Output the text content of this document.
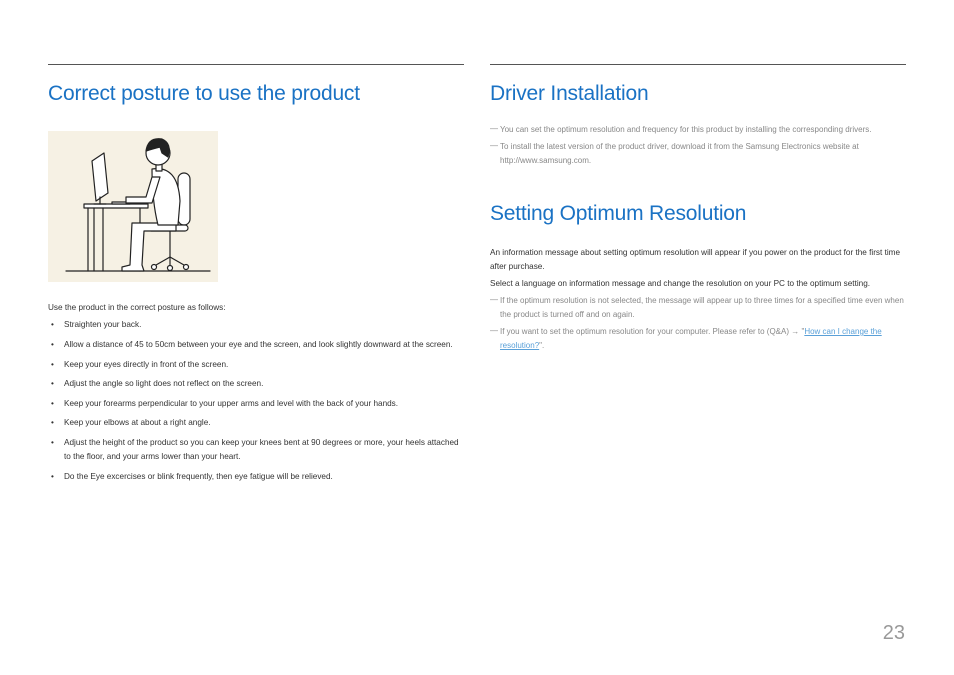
Correct posture to use the product
Use the product in the correct posture as follows:
• Straighten your back.
• Allow a distance of 45 to 50cm between your eye and the screen, and look slightly downward at the screen.
• Keep your eyes directly in front of the screen.
• Adjust the angle so light does not reflect on the screen.
• Keep your forearms perpendicular to your upper arms and level with the back of your hands.
• Keep your elbows at about a right angle.
• Adjust the height of the product so you can keep your knees bent at 90 degrees or more, your heels attached to the floor, and your arms lower than your heart.
• Do the Eye excercises or blink frequently, then eye fatigue will be relieved.
Driver Installation
― You can set the optimum resolution and frequency for this product by installing the corresponding drivers.
― To install the latest version of the product driver, download it from the Samsung Electronics website at http://www.samsung.com.
Setting Optimum Resolution
An information message about setting optimum resolution will appear if you power on the product for the first time after purchase.
Select a language on information message and change the resolution on your PC to the optimum setting.
― If the optimum resolution is not selected, the message will appear up to three times for a specified time even when the product is turned off and on again.
― If you want to set the optimum resolution for your computer. Please refer to (Q&A) → "How can I change the resolution?".
23
